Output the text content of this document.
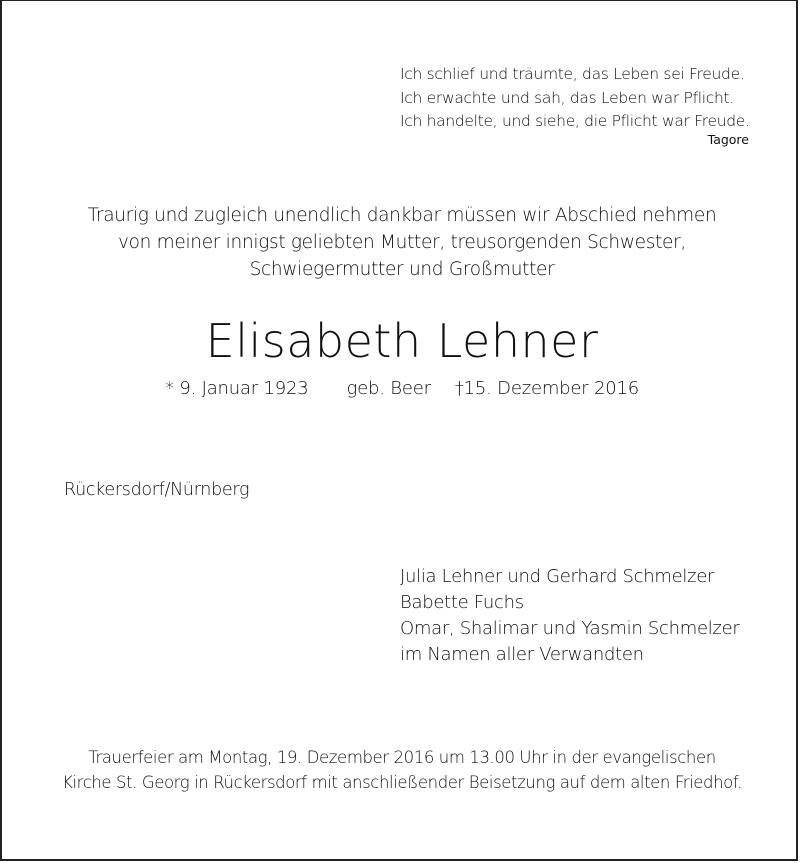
Ich schlief und träumte, das Leben sei Freude.
Ich erwachte und sah, das Leben war Pflicht.
Ich handelte, und siehe, die Pflicht war Freude.
Tagore
Traurig und zugleich unendlich dankbar müssen wir Abschied nehmen
von meiner innigst geliebten Mutter, treusorgenden Schwester,
Schwiegermutter und Großmutter
Elisabeth Lehner
* 9. Januar 1923 geb. Beer †15. Dezember 2016
Rückersdorf/Nürnberg
Julia Lehner und Gerhard Schmelzer
Babette Fuchs
Omar, Shalimar und Yasmin Schmelzer
im Namen aller Verwandten
Trauerfeier am Montag, 19. Dezember 2016 um 13.00 Uhr in der evangelischen
Kirche St. Georg in Rückersdorf mit anschließender Beisetzung auf dem alten Friedhof.
